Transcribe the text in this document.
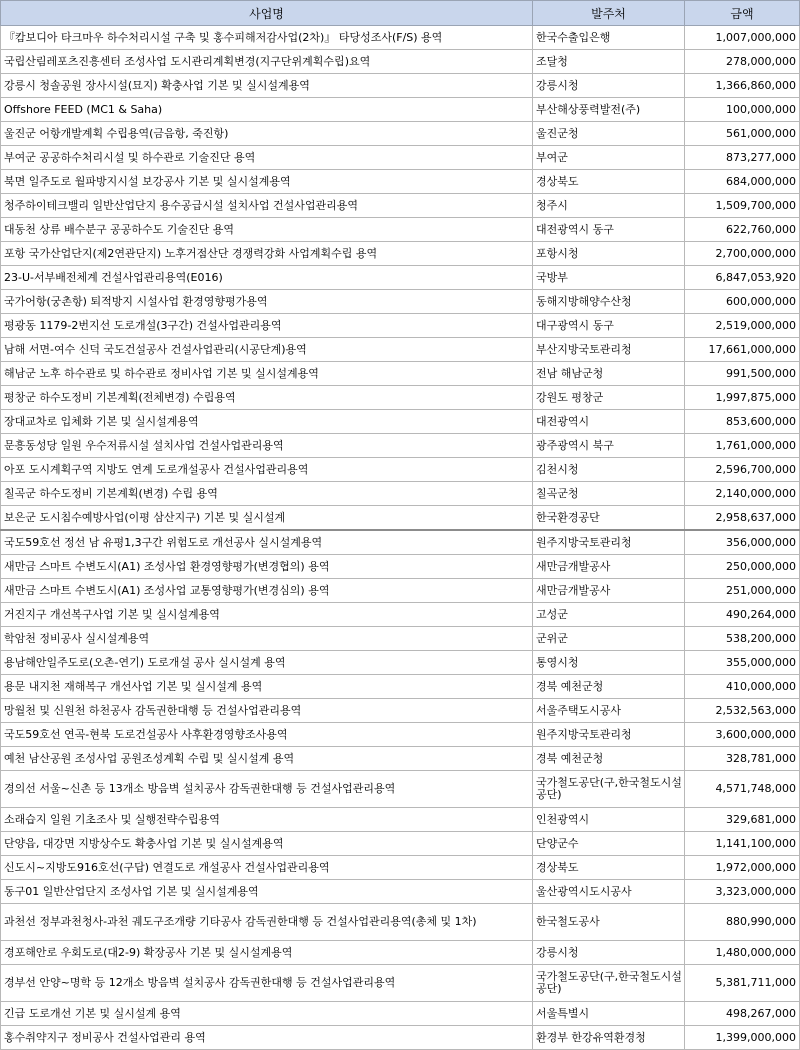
사업명	발주처	금액
『캄보디아 타크마우 하수처리시설 구축 및 홍수피해저감사업(2차)』 타당성조사(F/S) 용역	한국수출입은행	1,007,000,000
국립산림레포츠진흥센터 조성사업 도시관리계획변경(지구단위계획수립)요역	조달청	278,000,000
강릉시 청솔공원 장사시설(묘지) 확충사업 기본 및 실시설계용역	강릉시청	1,366,860,000
Offshore FEED (MC1 & Saha)	부산해상풍력발전(주)	100,000,000
울진군 어항개발계획 수립용역(금음항, 죽진항)	울진군청	561,000,000
부여군 공공하수처리시설 및 하수관로 기술진단 용역	부여군	873,277,000
북면 일주도로 월파방지시설 보강공사 기본 및 실시설계용역	경상북도	684,000,000
청주하이테크밸리 일반산업단지 용수공급시설 설치사업 건설사업관리용역	청주시	1,509,700,000
대동천 상류 배수분구 공공하수도 기술진단 용역	대전광역시 동구	622,760,000
포항 국가산업단지(제2연관단지) 노후거점산단 경쟁력강화 사업계획수립 용역	포항시청	2,700,000,000
23-U-서부배전체계 건설사업관리용역(E016)	국방부	6,847,053,920
국가어항(궁촌항) 퇴적방지 시설사업 환경영향평가용역	동해지방해양수산청	600,000,000
평광동 1179-2번지선 도로개설(3구간) 건설사업관리용역	대구광역시 동구	2,519,000,000
남해 서면-여수 신덕 국도건설공사 건설사업관리(시공단계)용역	부산지방국토관리청	17,661,000,000
해남군 노후 하수관로 및 하수관로 정비사업 기본 및 실시설계용역	전남 해남군청	991,500,000
평창군 하수도정비 기본계획(전체변경) 수립용역	강원도 평창군	1,997,875,000
장대교차로 입체화 기본 및 실시설계용역	대전광역시	853,600,000
문흥동성당 일원 우수저류시설 설치사업 건설사업관리용역	광주광역시 북구	1,761,000,000
아포 도시계획구역 지방도 연계 도로개설공사 건설사업관리용역	김천시청	2,596,700,000
칠곡군 하수도정비 기본계획(변경) 수립 용역	칠곡군청	2,140,000,000
보은군 도시침수예방사업(이평 삼산지구) 기본 및 실시설계	한국환경공단	2,958,637,000
국도59호선 정선 남 유평1,3구간 위험도로 개선공사 실시설계용역	원주지방국토관리청	356,000,000
새만금 스마트 수변도시(A1) 조성사업 환경영향평가(변경협의) 용역	새만금개발공사	250,000,000
새만금 스마트 수변도시(A1) 조성사업 교통영향평가(변경심의) 용역	새만금개발공사	251,000,000
거진지구 개선복구사업 기본 및 실시설계용역	고성군	490,264,000
학암천 정비공사 실시설계용역	군위군	538,200,000
용남해안일주도로(오촌-연기) 도로개설 공사 실시설계 용역	통영시청	355,000,000
용문 내지천 재해복구 개선사업 기본 및 실시설계 용역	경북 예천군청	410,000,000
망월천 및 신원천 하천공사 감독권한대행 등 건설사업관리용역	서울주택도시공사	2,532,563,000
국도59호선 연곡-현북 도로건설공사 사후환경영향조사용역	원주지방국토관리청	3,600,000,000
예천 남산공원 조성사업 공원조성계획 수립 및 실시설계 용역	경북 예천군청	328,781,000
경의선 서울~신촌 등 13개소 방음벽 설치공사 감독권한대행 등 건설사업관리용역	국가철도공단(구,한국철도시설공단)	4,571,748,000
소래습지 일원 기초조사 및 실행전략수립용역	인천광역시	329,681,000
단양읍, 대강면 지방상수도 확충사업 기본 및 실시설계용역	단양군수	1,141,100,000
신도시~지방도916호선(구답) 연결도로 개설공사 건설사업관리용역	경상북도	1,972,000,000
동구01 일반산업단지 조성사업 기본 및 실시설계용역	울산광역시도시공사	3,323,000,000
과천선 정부과천청사-과천 궤도구조개량 기타공사 감독권한대행 등 건설사업관리용역(총체 및 1차)	한국철도공사	880,990,000
경포해안로 우회도로(대2-9) 확장공사 기본 및 실시설계용역	강릉시청	1,480,000,000
경부선 안양~명학 등 12개소 방음벽 설치공사 감독권한대행 등 건설사업관리용역	국가철도공단(구,한국철도시설공단)	5,381,711,000
긴급 도로개선 기본 및 실시설계 용역	서울특별시	498,267,000
홍수취약지구 정비공사 건설사업관리 용역	환경부 한강유역환경청	1,399,000,000
